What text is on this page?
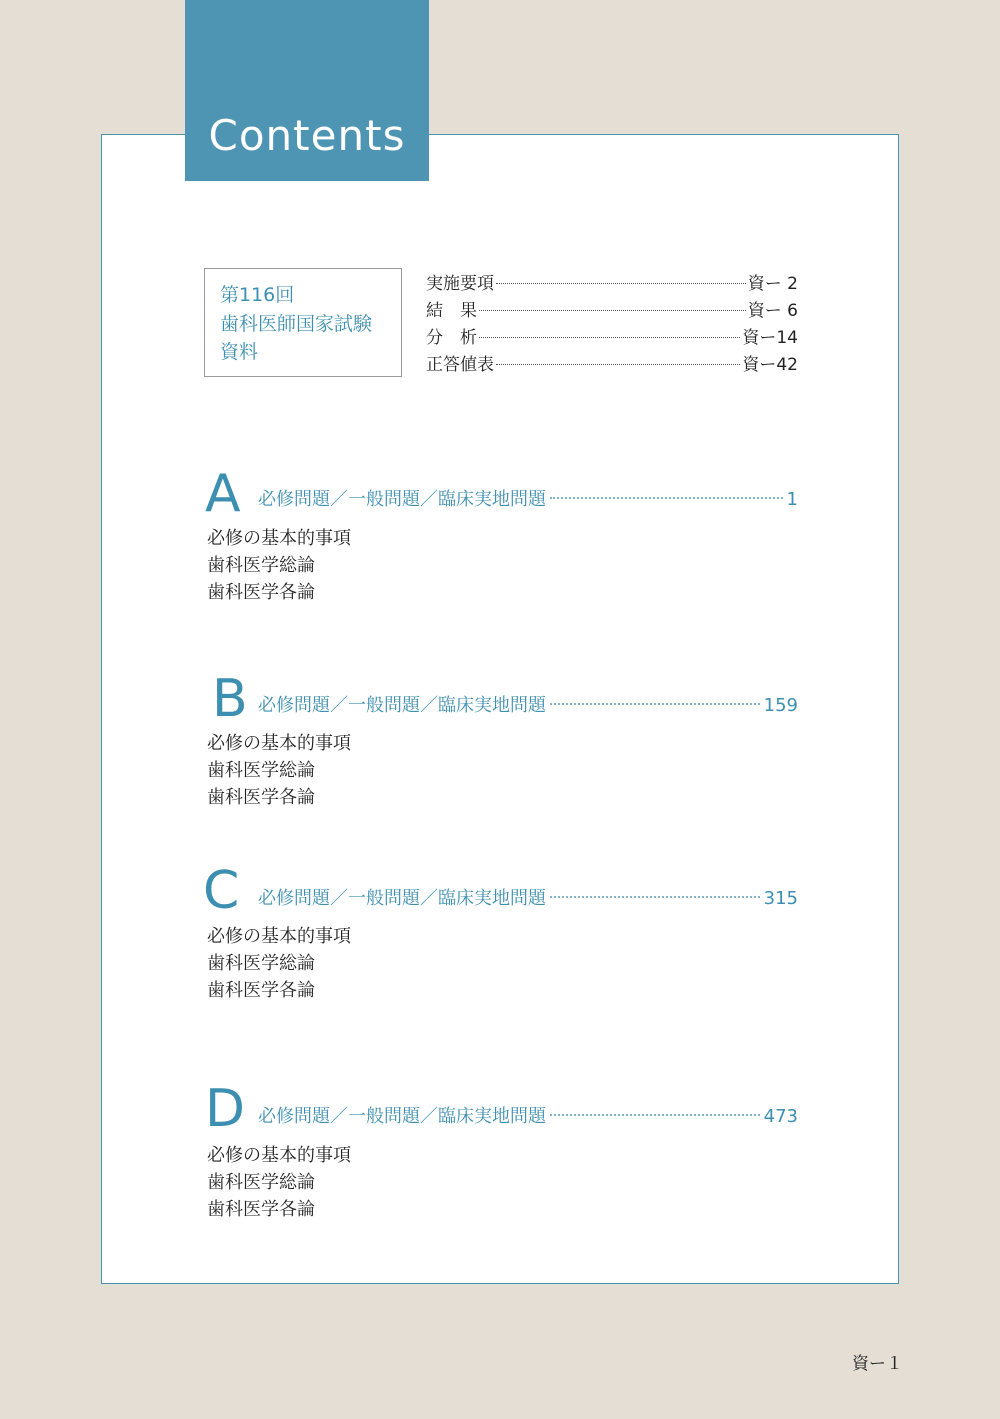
Contents
第116回
歯科医師国家試験
資料
実施要項	資ー 2
結　果	資ー 6
分　析	資ー14
正答値表	資ー42
A 必修問題／一般問題／臨床実地問題	1
必修の基本的事項
歯科医学総論
歯科医学各論
B 必修問題／一般問題／臨床実地問題	159
必修の基本的事項
歯科医学総論
歯科医学各論
C 必修問題／一般問題／臨床実地問題	315
必修の基本的事項
歯科医学総論
歯科医学各論
D 必修問題／一般問題／臨床実地問題	473
必修の基本的事項
歯科医学総論
歯科医学各論
資ー１
